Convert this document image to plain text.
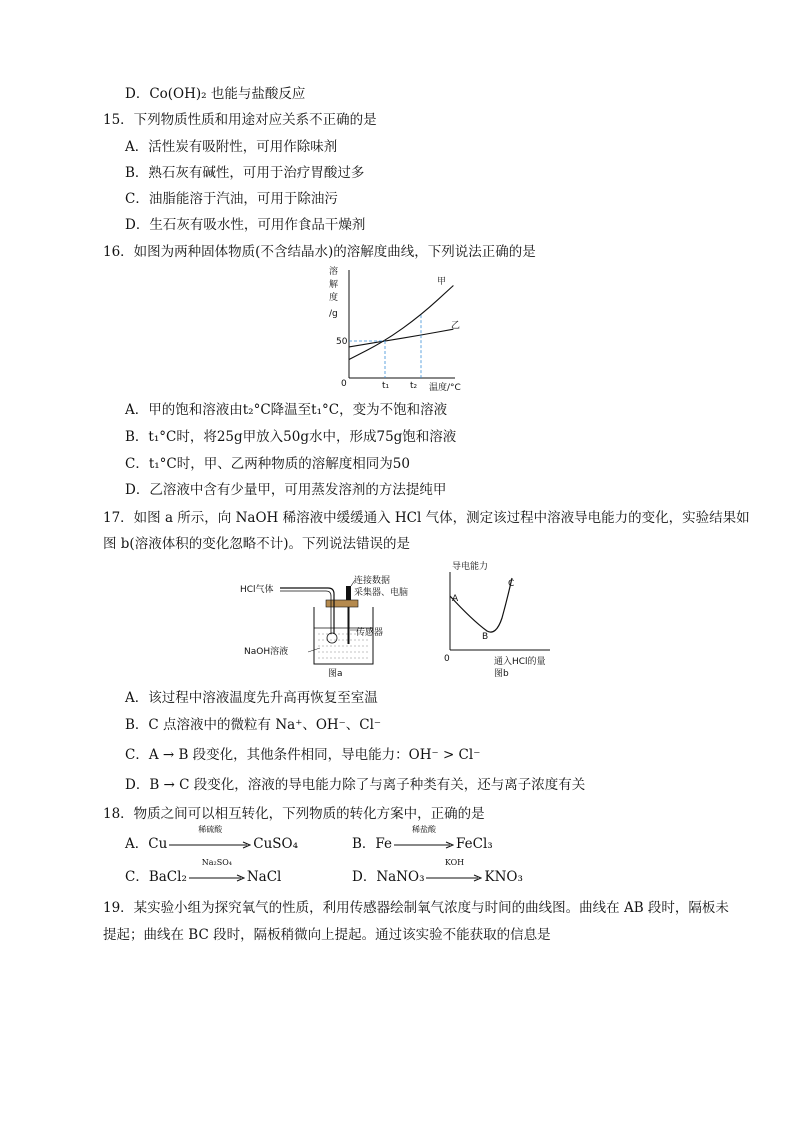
D．Co(OH)₂ 也能与盐酸反应
15．下列物质性质和用途对应关系不正确的是
A．活性炭有吸附性，可用作除味剂
B．熟石灰有碱性，可用于治疗胃酸过多
C．油脂能溶于汽油，可用于除油污
D．生石灰有吸水性，可用作食品干燥剂
16．如图为两种固体物质(不含结晶水)的溶解度曲线，下列说法正确的是
溶
解
度
/g
50
0	t₁ t₂ 温度/°C
甲
乙
A．甲的饱和溶液由t₂°C降温至t₁°C，变为不饱和溶液
B．t₁°C时，将25g甲放入50g水中，形成75g饱和溶液
C．t₁°C时，甲、乙两种物质的溶解度相同为50
D．乙溶液中含有少量甲，可用蒸发溶剂的方法提纯甲
17．如图 a 所示，向 NaOH 稀溶液中缓缓通入 HCl 气体，测定该过程中溶液导电能力的变化，实验结果如
图 b(溶液体积的变化忽略不计)。下列说法错误的是
HCl气体
连接数据
采集器、电脑
传感器
NaOH溶液
图a
导电能力
0	通入HCl的量
图b
A
B
C
A．该过程中溶液温度先升高再恢复至室温
B．C 点溶液中的微粒有 Na⁺、OH⁻、Cl⁻
C．A → B 段变化，其他条件相同，导电能力：OH⁻ > Cl⁻
D．B → C 段变化，溶液的导电能力除了与离子种类有关，还与离子浓度有关
18．物质之间可以相互转化，下列物质的转化方案中，正确的是
A．Cu
稀硫酸
CuSO₄	B．Fe
稀盐酸
FeCl₃
C．BaCl₂
Na₂SO₄
NaCl	D．NaNO₃
KOH
KNO₃
19．某实验小组为探究氧气的性质，利用传感器绘制氧气浓度与时间的曲线图。曲线在 AB 段时，隔板未
提起；曲线在 BC 段时，隔板稍微向上提起。通过该实验不能获取的信息是
